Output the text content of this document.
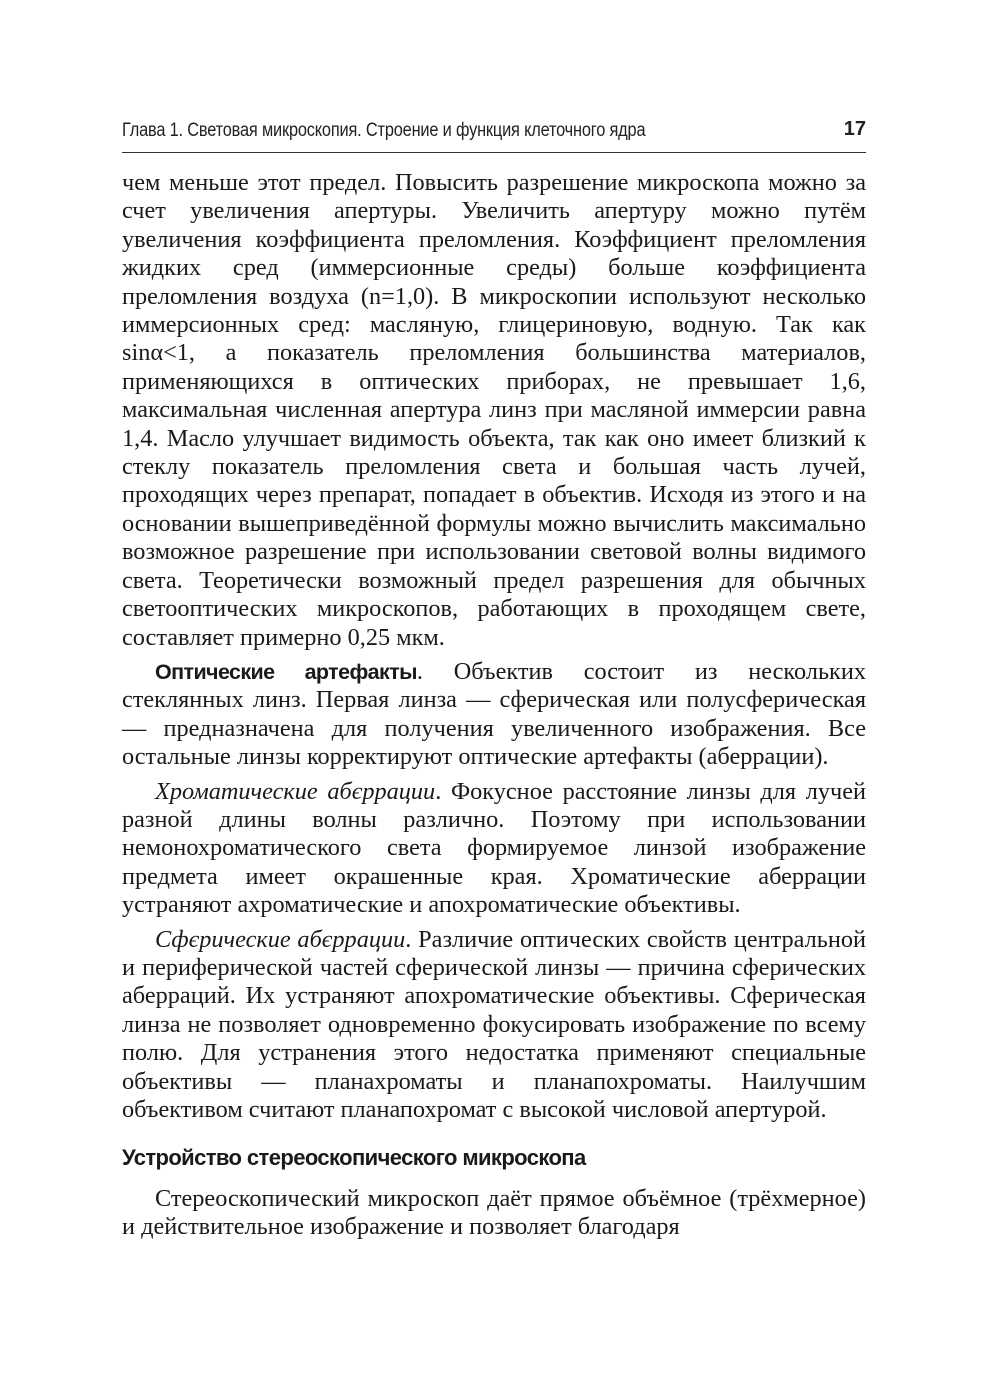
Глава 1. Световая микроскопия. Строение и функция клеточного ядра	17

чем меньше этот предел. Повысить разрешение микроскопа можно за счет увеличения апертуры. Увеличить апертуру можно путём увеличения коэффициента преломления. Коэффициент преломления жидких сред (иммерсионные среды) больше коэффициента преломления воздуха (n=1,0). В микроскопии используют несколько иммерсионных сред: масляную, глицериновую, водную. Так как sinα<1, а показатель преломления большинства материалов, применяющихся в оптических приборах, не превышает 1,6, максимальная численная апертура линз при масляной иммерсии равна 1,4. Масло улучшает видимость объекта, так как оно имеет близкий к стеклу показатель преломления света и большая часть лучей, проходящих через препарат, попадает в объектив. Исходя из этого и на основании вышеприведённой формулы можно вычислить максимально возможное разрешение при использовании световой волны видимого света. Теоретически возможный предел разрешения для обычных светооптических микроскопов, работающих в проходящем свете, составляет примерно 0,25 мкм.

Оптические артефакты. Объектив состоит из нескольких стеклянных линз. Первая линза — сферическая или полусферическая — предназначена для получения увеличенного изображения. Все остальные линзы корректируют оптические артефакты (аберрации).

Хроматические абєррации. Фокусное расстояние линзы для лучей разной длины волны различно. Поэтому при использовании немонохроматического света формируемое линзой изображение предмета имеет окрашенные края. Хроматические аберрации устраняют ахроматические и апохроматические объективы.

Сфєрические абєррации. Различие оптических свойств центральной и периферической частей сферической линзы — причина сферических аберраций. Их устраняют апохроматические объективы. Сферическая линза не позволяет одновременно фокусировать изображение по всему полю. Для устранения этого недостатка применяют специальные объективы — планахроматы и планапохроматы. Наилучшим объективом считают планапохромат с высокой числовой апертурой.

Устройство стереоскопического микроскопа

Стереоскопический микроскоп даёт прямое объёмное (трёхмерное) и действительное изображение и позволяет благодаря
